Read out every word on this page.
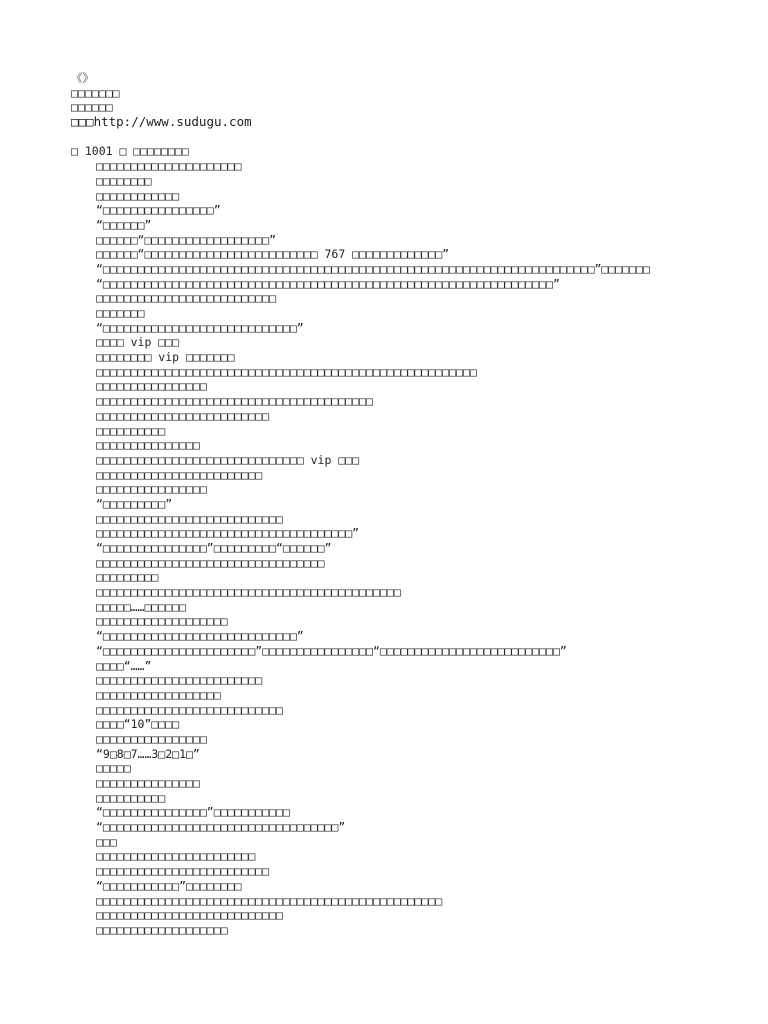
《》
□□□□□□□
□□□□□□
□□□http://www.sudugu.com
□ 1001 □ □□□□□□□□
□□□□□□□□□□□□□□□□□□□□□
□□□□□□□□
□□□□□□□□□□□□
“□□□□□□□□□□□□□□□□”
“□□□□□□”
□□□□□□“□□□□□□□□□□□□□□□□□□”
□□□□□□“□□□□□□□□□□□□□□□□□□□□□□□□□ 767 □□□□□□□□□□□□□”
“□□□□□□□□□□□□□□□□□□□□□□□□□□□□□□□□□□□□□□□□□□□□□□□□□□□□□□□□□□□□□□□□□□□□□□□”□□□□□□□
“□□□□□□□□□□□□□□□□□□□□□□□□□□□□□□□□□□□□□□□□□□□□□□□□□□□□□□□□□□□□□□□□□”
□□□□□□□□□□□□□□□□□□□□□□□□□□
□□□□□□□
“□□□□□□□□□□□□□□□□□□□□□□□□□□□□”
□□□□ vip □□□
□□□□□□□□ vip □□□□□□□
□□□□□□□□□□□□□□□□□□□□□□□□□□□□□□□□□□□□□□□□□□□□□□□□□□□□□□□
□□□□□□□□□□□□□□□□
□□□□□□□□□□□□□□□□□□□□□□□□□□□□□□□□□□□□□□□□
□□□□□□□□□□□□□□□□□□□□□□□□□
□□□□□□□□□□
□□□□□□□□□□□□□□□
□□□□□□□□□□□□□□□□□□□□□□□□□□□□□□ vip □□□
□□□□□□□□□□□□□□□□□□□□□□□□
□□□□□□□□□□□□□□□□
“□□□□□□□□□”
□□□□□□□□□□□□□□□□□□□□□□□□□□□
□□□□□□□□□□□□□□□□□□□□□□□□□□□□□□□□□□□□□”
“□□□□□□□□□□□□□□□”□□□□□□□□□“□□□□□□”
□□□□□□□□□□□□□□□□□□□□□□□□□□□□□□□□□
□□□□□□□□□
□□□□□□□□□□□□□□□□□□□□□□□□□□□□□□□□□□□□□□□□□□□□
□□□□□……□□□□□□
□□□□□□□□□□□□□□□□□□□
“□□□□□□□□□□□□□□□□□□□□□□□□□□□□”
“□□□□□□□□□□□□□□□□□□□□□□”□□□□□□□□□□□□□□□□“□□□□□□□□□□□□□□□□□□□□□□□□□□”
□□□□“……”
□□□□□□□□□□□□□□□□□□□□□□□□
□□□□□□□□□□□□□□□□□□
□□□□□□□□□□□□□□□□□□□□□□□□□□□
□□□□“10”□□□□
□□□□□□□□□□□□□□□□
“9□8□7……3□2□1□”
□□□□□
□□□□□□□□□□□□□□□
□□□□□□□□□□
“□□□□□□□□□□□□□□□”□□□□□□□□□□□
“□□□□□□□□□□□□□□□□□□□□□□□□□□□□□□□□□□”
□□□
□□□□□□□□□□□□□□□□□□□□□□□
□□□□□□□□□□□□□□□□□□□□□□□□□
“□□□□□□□□□□□”□□□□□□□□
□□□□□□□□□□□□□□□□□□□□□□□□□□□□□□□□□□□□□□□□□□□□□□□□□□
□□□□□□□□□□□□□□□□□□□□□□□□□□□
□□□□□□□□□□□□□□□□□□□
